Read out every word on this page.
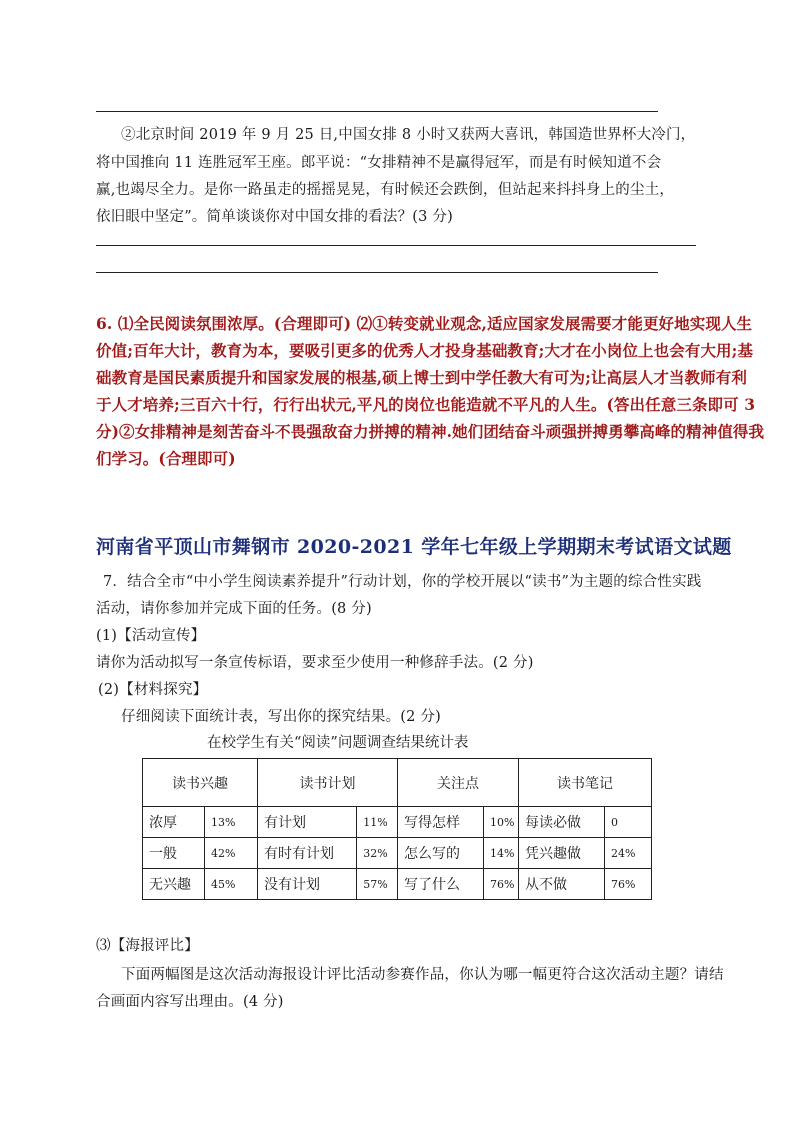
②北京时间 2019 年 9 月 25 日,中国女排 8 小时又获两大喜讯，韩国造世界杯大冷门，
将中国推向 11 连胜冠军王座。郎平说：“女排精神不是赢得冠军，而是有时候知道不会
赢,也竭尽全力。是你一路虽走的摇摇晃晃，有时候还会跌倒，但站起来抖抖身上的尘土，
依旧眼中坚定”。简单谈谈你对中国女排的看法？(3 分)

6. ⑴全民阅读氛围浓厚。(合理即可) ⑵①转变就业观念,适应国家发展需要才能更好地实现人生

价值;百年大计，教育为本，要吸引更多的优秀人才投身基础教育;大才在小岗位上也会有大用;基

础教育是国民素质提升和国家发展的根基,硕上博士到中学任教大有可为;让高层人才当教师有利

于人才培养;三百六十行，行行出状元,平凡的岗位也能造就不平凡的人生。(答出任意三条即可 3

分)②女排精神是刻苦奋斗不畏强敌奋力拼搏的精神.她们团结奋斗顽强拼搏勇攀高峰的精神值得我

们学习。(合理即可)

河南省平顶山市舞钢市 2020-2021 学年七年级上学期期末考试语文试题
7．结合全市“中小学生阅读素养提升”行动计划，你的学校开展以“读书”为主题的综合性实践
活动，请你参加并完成下面的任务。(8 分)
(1)【活动宣传】
请你为活动拟写一条宣传标语，要求至少使用一种修辞手法。(2 分)
(2)【材料探究】
仔细阅读下面统计表，写出你的探究结果。(2 分)
在校学生有关“阅读”问题调查结果统计表
读书兴趣		读书计划		关注点		读书笔记	
浓厚	13%	有计划	11%	写得怎样	10%	每读必做	0
一般	42%	有时有计划	32%	怎么写的	14%	凭兴趣做	24%
无兴趣	45%	没有计划	57%	写了什么	76%	从不做	76%
⑶【海报评比】
下面两幅图是这次活动海报设计评比活动参赛作品，你认为哪一幅更符合这次活动主题？请结
合画面内容写出理由。(4 分)
